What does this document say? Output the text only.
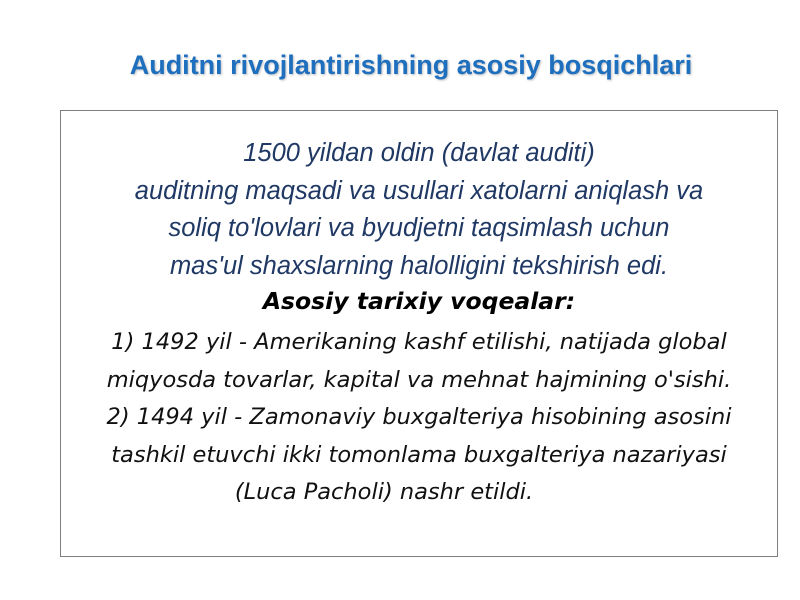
Auditni rivojlantirishning asosiy bosqichlari
1500 yildan oldin (davlat auditi)
auditning maqsadi va usullari xatolarni aniqlash va
soliq to'lovlari va byudjetni taqsimlash uchun
mas'ul shaxslarning halolligini tekshirish edi.
Asosiy tarixiy voqealar:
1) 1492 yil - Amerikaning kashf etilishi, natijada global
miqyosda tovarlar, kapital va mehnat hajmining o'sishi.
2) 1494 yil - Zamonaviy buxgalteriya hisobining asosini
tashkil etuvchi ikki tomonlama buxgalteriya nazariyasi
(Luca Pacholi) nashr etildi.
